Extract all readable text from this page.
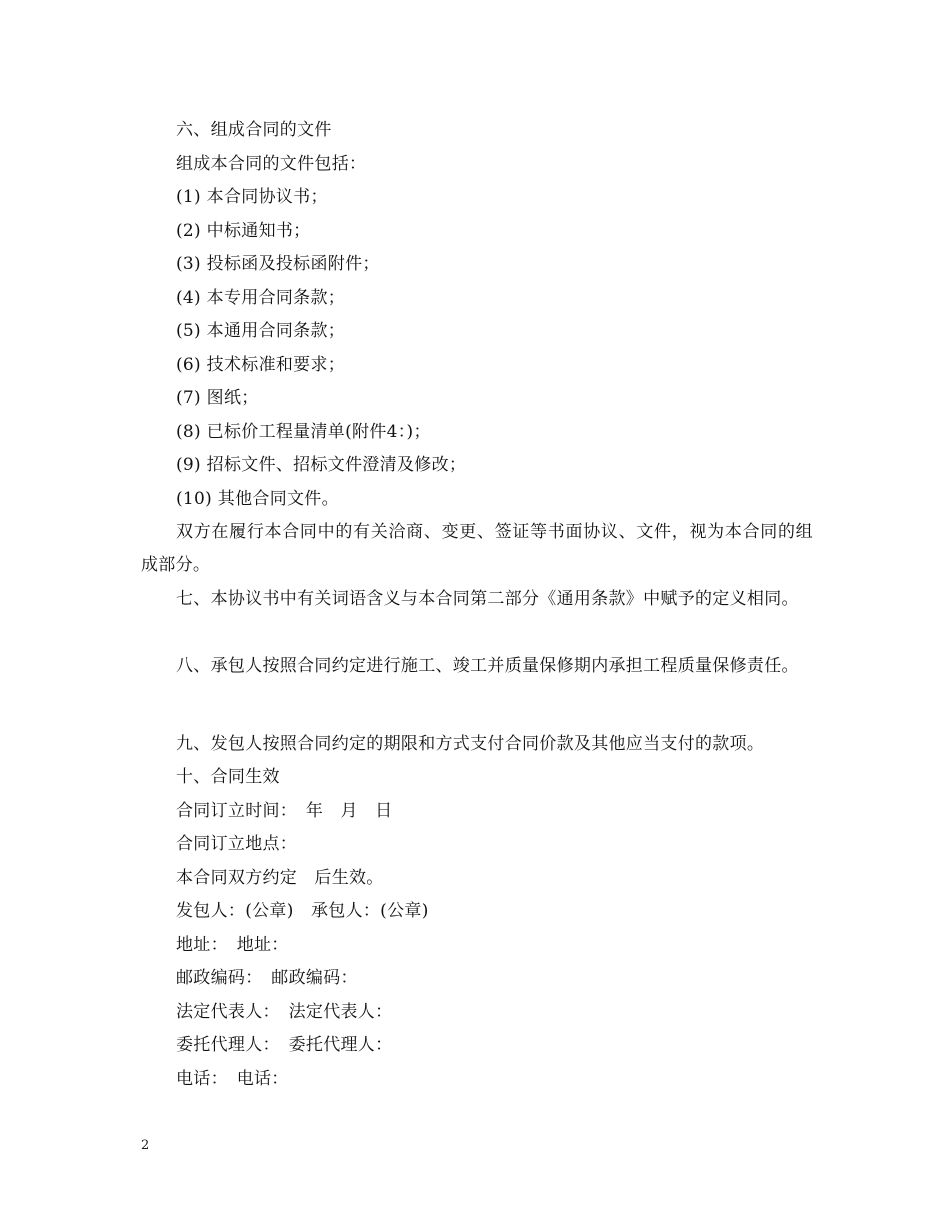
六、组成合同的文件
组成本合同的文件包括：
(1) 本合同协议书；
(2) 中标通知书；
(3) 投标函及投标函附件；
(4) 本专用合同条款；
(5) 本通用合同条款；
(6) 技术标准和要求；
(7) 图纸；
(8) 已标价工程量清单(附件4：)；
(9) 招标文件、招标文件澄清及修改；
(10) 其他合同文件。
双方在履行本合同中的有关洽商、变更、签证等书面协议、文件，视为本合同的组成部分。
七、本协议书中有关词语含义与本合同第二部分《通用条款》中赋予的定义相同。
八、承包人按照合同约定进行施工、竣工并质量保修期内承担工程质量保修责任。
九、发包人按照合同约定的期限和方式支付合同价款及其他应当支付的款项。
十、合同生效
合同订立时间：　年　月　日
合同订立地点：
本合同双方约定　后生效。
发包人：(公章)　承包人：(公章)
地址：　地址：
邮政编码：　邮政编码：
法定代表人：　法定代表人：
委托代理人：　委托代理人：
电话：　电话：
2
